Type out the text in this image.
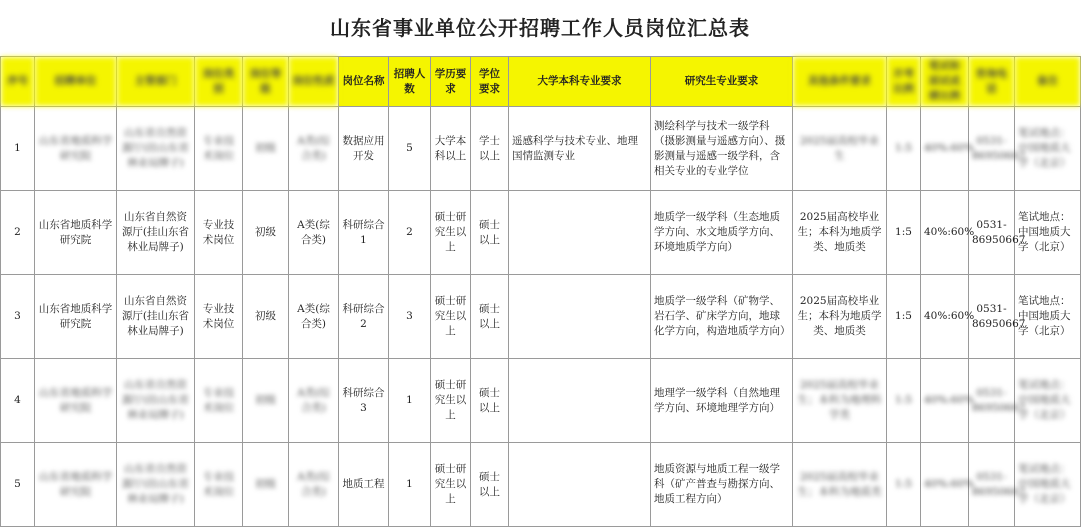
山东省事业单位公开招聘工作人员岗位汇总表
序号	招聘单位	主管部门	岗位类别	岗位等级	岗位性质	岗位名称	招聘人数	学历要求	学位要求	大学本科专业要求	研究生专业要求	其他条件要求	开考比例	笔试和面试成绩比例	咨询电话	备注
1	山东省地质科学研究院	山东省自然资源厅(挂山东省林业局牌子)	专业技术岗位	初级	A类(综合类)	数据应用开发	5	大学本科以上	学士以上	遥感科学与技术专业、地理国情监测专业	测绘科学与技术一级学科（摄影测量与遥感方向）、摄影测量与遥感一级学科，含相关专业的专业学位	2025届高校毕业生	1:5	40%:60%	0531-86950667	笔试地点：中国地质大学（北京）
2	山东省地质科学研究院	山东省自然资源厅(挂山东省林业局牌子)	专业技术岗位	初级	A类(综合类)	科研综合1	2	硕士研究生以上	硕士以上		地质学一级学科（生态地质学方向、水文地质学方向、环境地质学方向）	2025届高校毕业生；本科为地质学类、地质类	1:5	40%:60%	0531-86950667	笔试地点：中国地质大学（北京）
3	山东省地质科学研究院	山东省自然资源厅(挂山东省林业局牌子)	专业技术岗位	初级	A类(综合类)	科研综合2	3	硕士研究生以上	硕士以上		地质学一级学科（矿物学、岩石学、矿床学方向，地球化学方向，构造地质学方向）	2025届高校毕业生；本科为地质学类、地质类	1:5	40%:60%	0531-86950667	笔试地点：中国地质大学（北京）
4	山东省地质科学研究院	山东省自然资源厅(挂山东省林业局牌子)	专业技术岗位	初级	A类(综合类)	科研综合3	1	硕士研究生以上	硕士以上		地理学一级学科（自然地理学方向、环境地理学方向）	2025届高校毕业生；本科为地理科学类	1:5	40%:60%	0531-86950667	笔试地点：中国地质大学（北京）
5	山东省地质科学研究院	山东省自然资源厅(挂山东省林业局牌子)	专业技术岗位	初级	A类(综合类)	地质工程	1	硕士研究生以上	硕士以上		地质资源与地质工程一级学科（矿产普查与勘探方向、地质工程方向）	2025届高校毕业生；本科为地质类	1:5	40%:60%	0531-86950667	笔试地点：中国地质大学（北京）
